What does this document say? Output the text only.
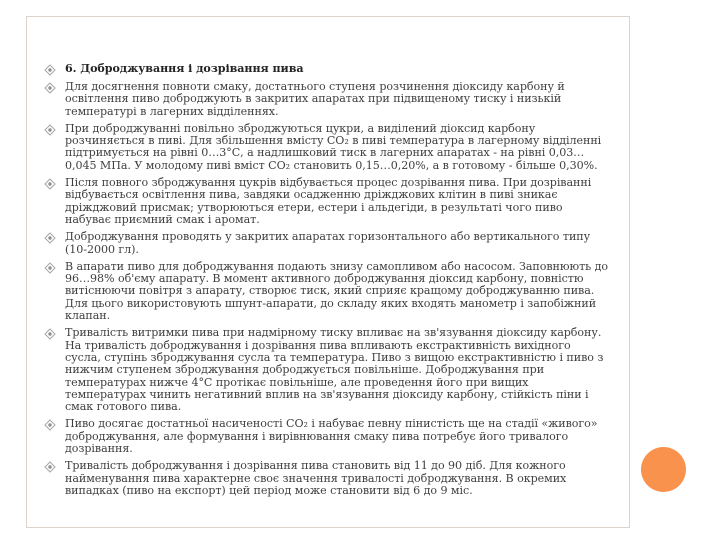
6. Доброджування і дозрівання пива
Для досягнення повноти смаку, достатнього ступеня розчинення діоксиду карбону й освітлення пиво доброджують в закритих апаратах при підвищеному тиску і низькій температурі в лагерних відділеннях.
При доброджуванні повільно зброджуються цукри, а виділений діоксид карбону розчиняється в пиві. Для збільшення вмісту CO₂ в пиві температура в лагерному відділенні підтримується на рівні 0…3°С, а надлишковий тиск в лагерних апаратах - на рівні 0,03…0,045 МПа. У молодому пиві вміст CO₂ становить 0,15…0,20%, а в готовому - більше 0,30%.
Після повного зброджування цукрів відбувається процес дозрівання пива. При дозріванні відбувається освітлення пива, завдяки осадженню дріжджових клітин в пиві зникає дріжджовий присмак; утворюються етери, естери і альдегіди, в результаті чого пиво набуває приємний смак і аромат.
Доброджування проводять у закритих апаратах горизонтального або вертикального типу (10-2000 гл).
В апарати пиво для доброджування подають знизу самопливом або насосом. Заповнюють до 96…98% об'єму апарату. В момент активного доброджування діоксид карбону, повністю витіснюючи повітря з апарату, створює тиск, який сприяє кращому доброджуванню пива. Для цього використовують шпунт-апарати, до складу яких входять манометр і запобіжний клапан.
Тривалість витримки пива при надмірному тиску впливає на зв'язування діоксиду карбону. На тривалість доброджування і дозрівання пива впливають екстрактивність вихідного сусла, ступінь зброджування сусла та температура. Пиво з вищою екстрактивністю і пиво з нижчим ступенем зброджування доброджується повільніше. Доброджування при температурах нижче 4°С протікає повільніше, але проведення його при вищих температурах чинить негативний вплив на зв'язування діоксиду карбону, стійкість піни і смак готового пива.
Пиво досягає достатньої насиченості CO₂ і набуває певну пінистість ще на стадії «живого» доброджування, але формування і вирівнювання смаку пива потребує його тривалого дозрівання.
Тривалість доброджування і дозрівання пива становить від 11 до 90 діб. Для кожного найменування пива характерне своє значення тривалості доброджування. В окремих випадках (пиво на експорт) цей період може становити від 6 до 9 міс.
